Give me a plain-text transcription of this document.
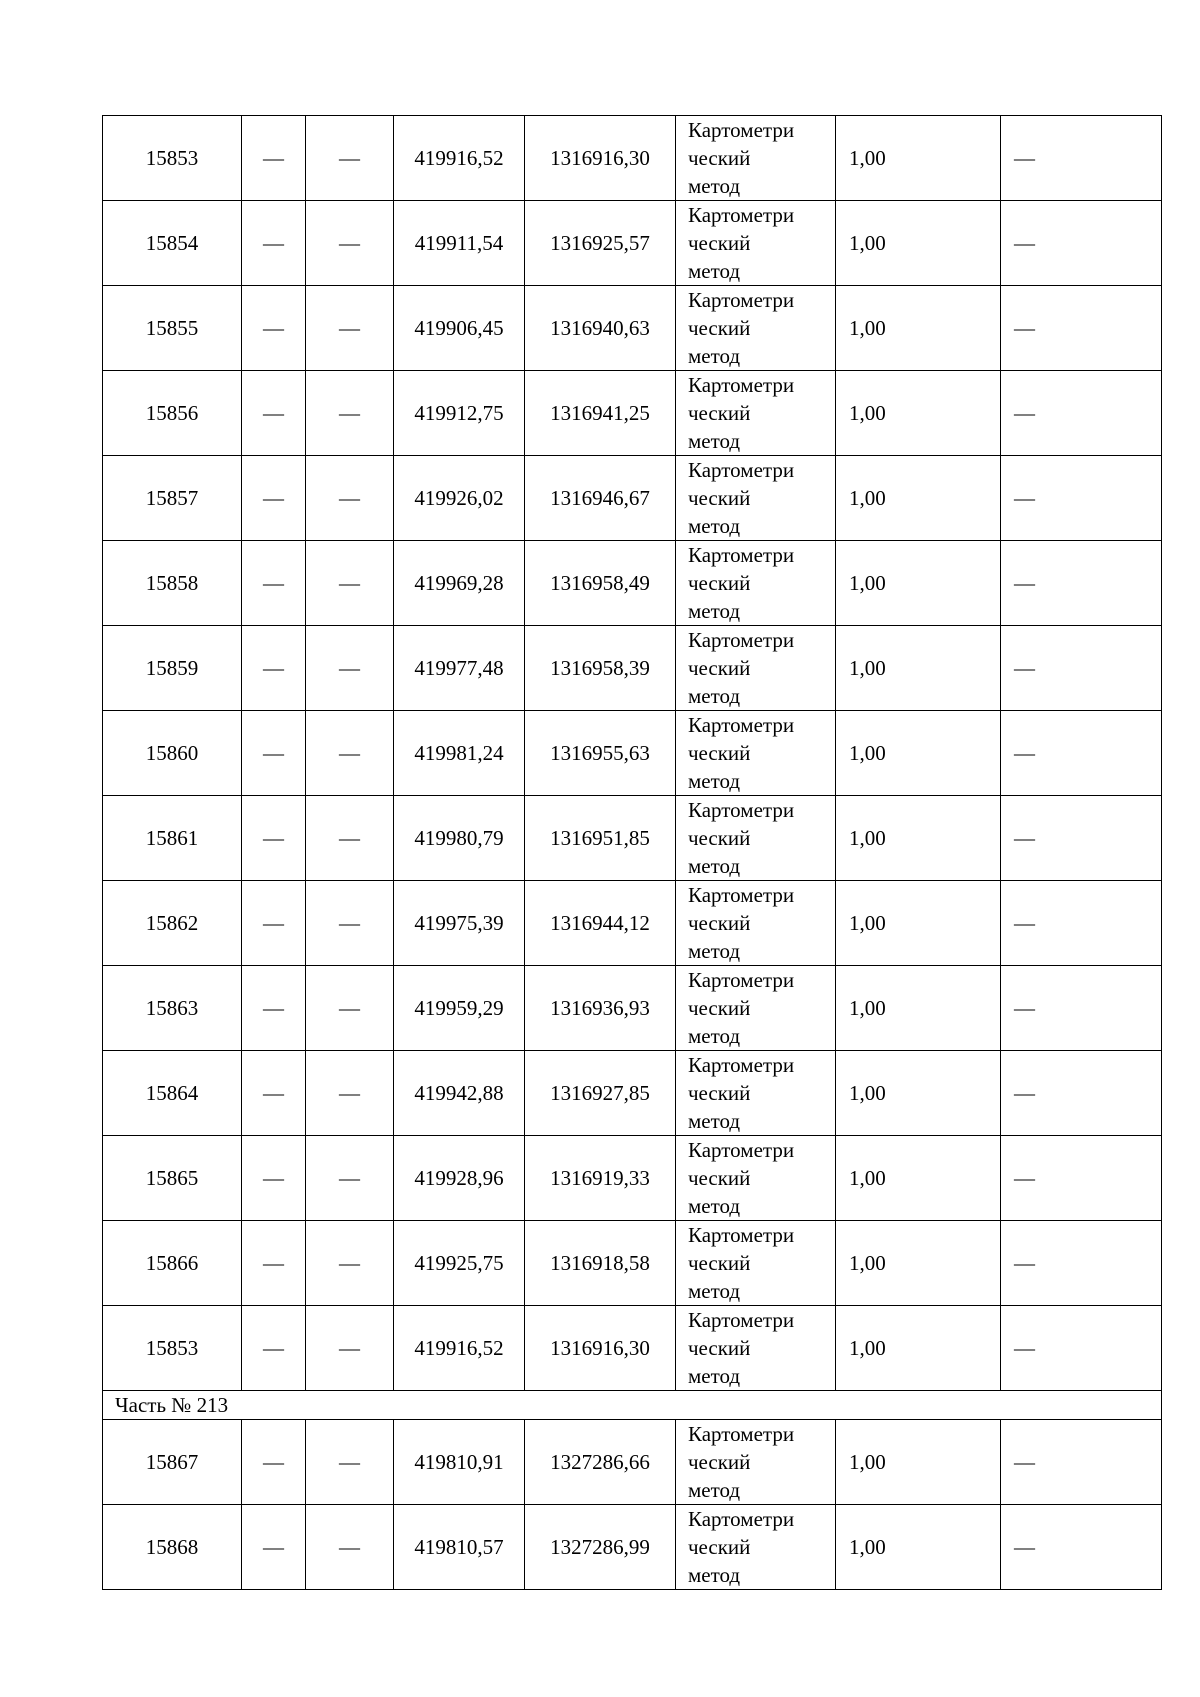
15853	—	—	419916,52	1316916,30	Картометри
ческий
метод	1,00	—
15854	—	—	419911,54	1316925,57	Картометри
ческий
метод	1,00	—
15855	—	—	419906,45	1316940,63	Картометри
ческий
метод	1,00	—
15856	—	—	419912,75	1316941,25	Картометри
ческий
метод	1,00	—
15857	—	—	419926,02	1316946,67	Картометри
ческий
метод	1,00	—
15858	—	—	419969,28	1316958,49	Картометри
ческий
метод	1,00	—
15859	—	—	419977,48	1316958,39	Картометри
ческий
метод	1,00	—
15860	—	—	419981,24	1316955,63	Картометри
ческий
метод	1,00	—
15861	—	—	419980,79	1316951,85	Картометри
ческий
метод	1,00	—
15862	—	—	419975,39	1316944,12	Картометри
ческий
метод	1,00	—
15863	—	—	419959,29	1316936,93	Картометри
ческий
метод	1,00	—
15864	—	—	419942,88	1316927,85	Картометри
ческий
метод	1,00	—
15865	—	—	419928,96	1316919,33	Картометри
ческий
метод	1,00	—
15866	—	—	419925,75	1316918,58	Картометри
ческий
метод	1,00	—
15853	—	—	419916,52	1316916,30	Картометри
ческий
метод	1,00	—
Часть № 213							
15867	—	—	419810,91	1327286,66	Картометри
ческий
метод	1,00	—
15868	—	—	419810,57	1327286,99	Картометри
ческий
метод	1,00	—
